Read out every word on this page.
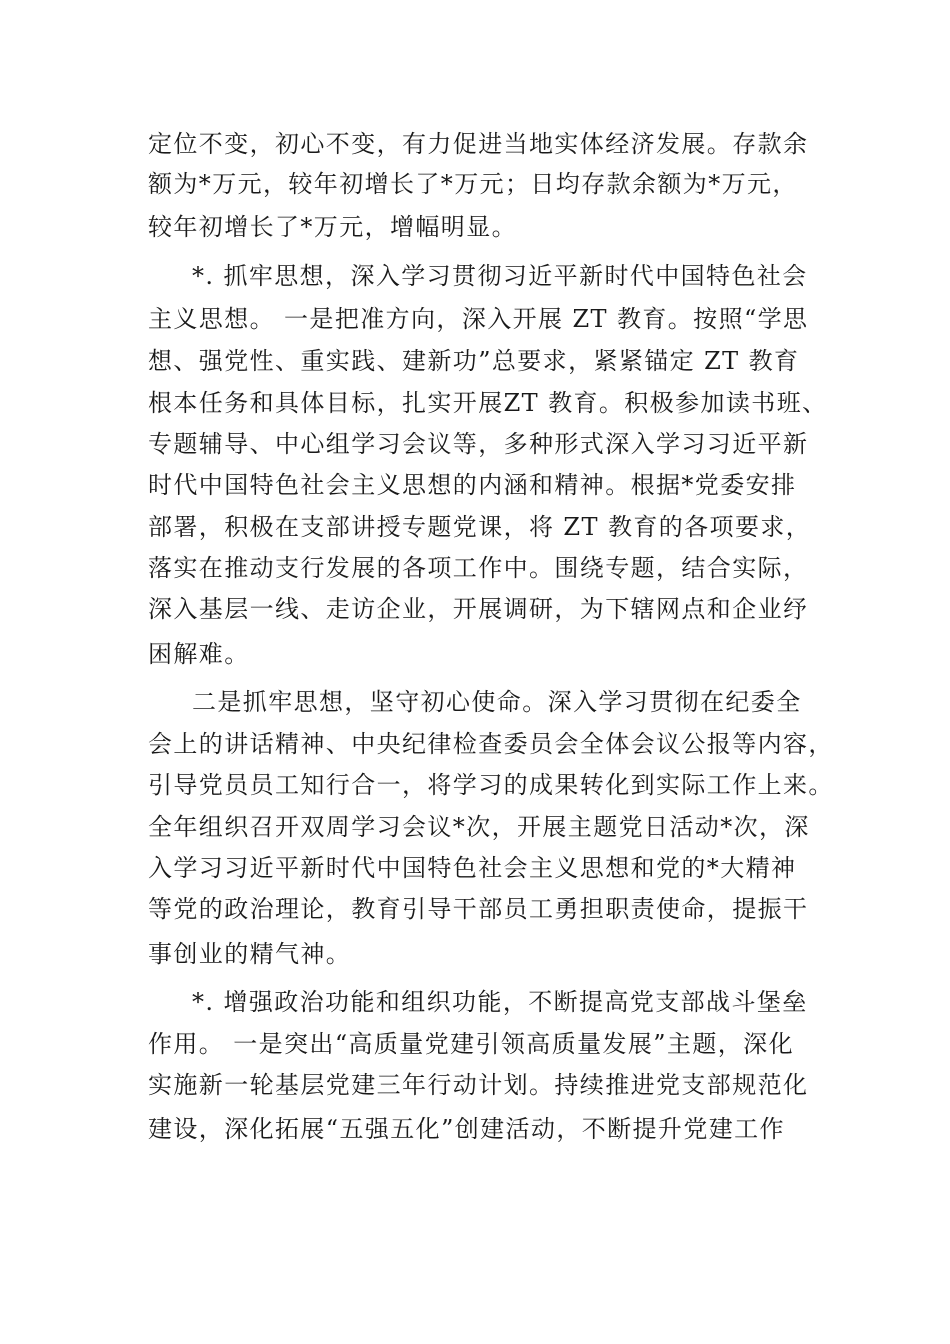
定位不变，初心不变，有力促进当地实体经济发展。存款余
额为*万元，较年初增长了*万元；日均存款余额为*万元，
较年初增长了*万元，增幅明显。
*. 抓牢思想，深入学习贯彻习近平新时代中国特色社会
主义思想。 一是把准方向，深入开展 ZT 教育。按照“学思
想、强党性、重实践、建新功”总要求，紧紧锚定 ZT 教育
根本任务和具体目标，扎实开展ZT 教育。积极参加读书班、
专题辅导、中心组学习会议等，多种形式深入学习习近平新
时代中国特色社会主义思想的内涵和精神。根据*党委安排
部署，积极在支部讲授专题党课，将 ZT 教育的各项要求，
落实在推动支行发展的各项工作中。围绕专题，结合实际，
深入基层一线、走访企业，开展调研，为下辖网点和企业纾
困解难。
二是抓牢思想，坚守初心使命。深入学习贯彻在纪委全
会上的讲话精神、中央纪律检查委员会全体会议公报等内容，
引导党员员工知行合一，将学习的成果转化到实际工作上来。
全年组织召开双周学习会议*次，开展主题党日活动*次，深
入学习习近平新时代中国特色社会主义思想和党的*大精神
等党的政治理论，教育引导干部员工勇担职责使命，提振干
事创业的精气神。
*. 增强政治功能和组织功能，不断提高党支部战斗堡垒
作用。 一是突出“高质量党建引领高质量发展”主题，深化
实施新一轮基层党建三年行动计划。持续推进党支部规范化
建设，深化拓展“五强五化”创建活动，不断提升党建工作
